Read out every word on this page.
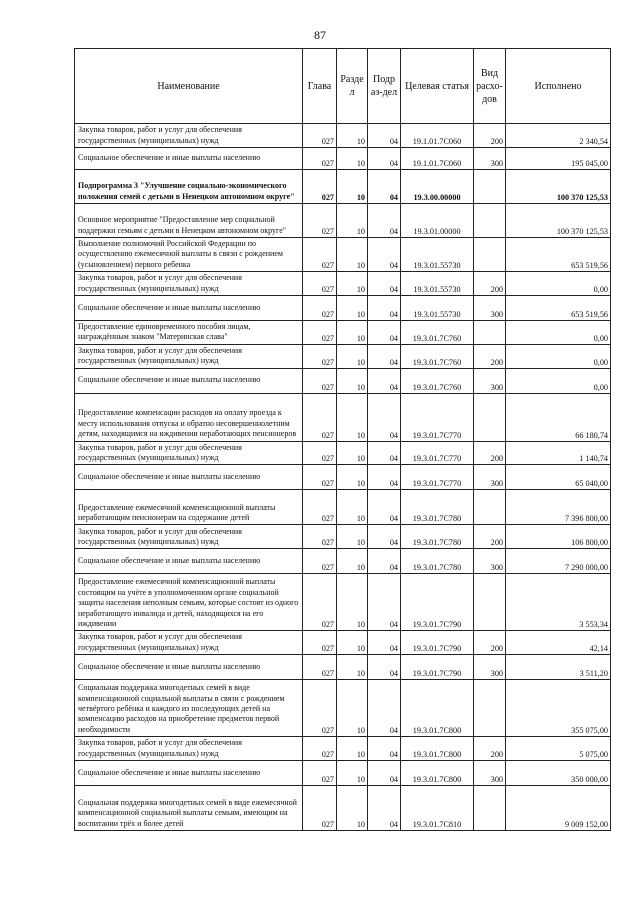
87
Наименование	Глава	Разде л	Подр аз-дел	Целевая статья	Вид расхо-дов	Исполнено
Закупка товаров, работ и услуг для обеспечения государственных (муниципальных) нужд	027	10	04	19.1.01.7С060	200	2 340,54
Социальное обеспечение и иные выплаты населению	027	10	04	19.1.01.7С060	300	195 045,00
Подпрограмма 3 "Улучшение социально-экономического положения семей с детьми в Ненецком автономном округе"	027	10	04	19.3.00.00000		100 370 125,53
Основное мероприятие "Предоставление мер социальной поддержки семьям с детьми в Ненецком автономном округе"	027	10	04	19.3.01.00000		100 370 125,53
Выполнение полномочий Российской Федерации по осуществлению ежемесячной выплаты в связи с рождением (усыновлением) первого ребенка	027	10	04	19.3.01.55730		653 519,56
Закупка товаров, работ и услуг для обеспечения государственных (муниципальных) нужд	027	10	04	19.3.01.55730	200	0,00
Социальное обеспечение и иные выплаты населению	027	10	04	19.3.01.55730	300	653 519,56
Предоставление единовременного пособия лицам, награждённым знаком "Материнская слава"	027	10	04	19.3.01.7С760		0,00
Закупка товаров, работ и услуг для обеспечения государственных (муниципальных) нужд	027	10	04	19.3.01.7С760	200	0,00
Социальное обеспечение и иные выплаты населению	027	10	04	19.3.01.7С760	300	0,00
Предоставление компенсации расходов на оплату проезда к месту использования отпуска и обратно несовершеннолетним детям, находящимся на иждивении неработающих пенсионеров	027	10	04	19.3.01.7С770		66 180,74
Закупка товаров, работ и услуг для обеспечения государственных (муниципальных) нужд	027	10	04	19.3.01.7С770	200	1 140,74
Социальное обеспечение и иные выплаты населению	027	10	04	19.3.01.7С770	300	65 040,00
Предоставление ежемесячной компенсационной выплаты неработающим пенсионерам на содержание детей	027	10	04	19.3.01.7С780		7 396 800,00
Закупка товаров, работ и услуг для обеспечения государственных (муниципальных) нужд	027	10	04	19.3.01.7С780	200	106 800,00
Социальное обеспечение и иные выплаты населению	027	10	04	19.3.01.7С780	300	7 290 000,00
Предоставление ежемесячной компенсационной выплаты состоящим на учёте в уполномоченном органе социальной защиты населения неполным семьям, которые состоят из одного неработающего инвалида и детей, находящихся на его иждивении	027	10	04	19.3.01.7С790		3 553,34
Закупка товаров, работ и услуг для обеспечения государственных (муниципальных) нужд	027	10	04	19.3.01.7С790	200	42,14
Социальное обеспечение и иные выплаты населению	027	10	04	19.3.01.7С790	300	3 511,20
Социальная поддержка многодетных семей в виде компенсационной социальной выплаты в связи с рождением четвёртого ребёнка и каждого из последующих детей на компенсацию расходов на приобретение предметов первой необходимости	027	10	04	19.3.01.7С800		355 075,00
Закупка товаров, работ и услуг для обеспечения государственных (муниципальных) нужд	027	10	04	19.3.01.7С800	200	5 075,00
Социальное обеспечение и иные выплаты населению	027	10	04	19.3.01.7С800	300	350 000,00
Социальная поддержка многодетных семей в виде ежемесячной компенсационной социальной выплаты семьям, имеющим на воспитании трёх и более детей	027	10	04	19.3.01.7С810		9 009 152,00
